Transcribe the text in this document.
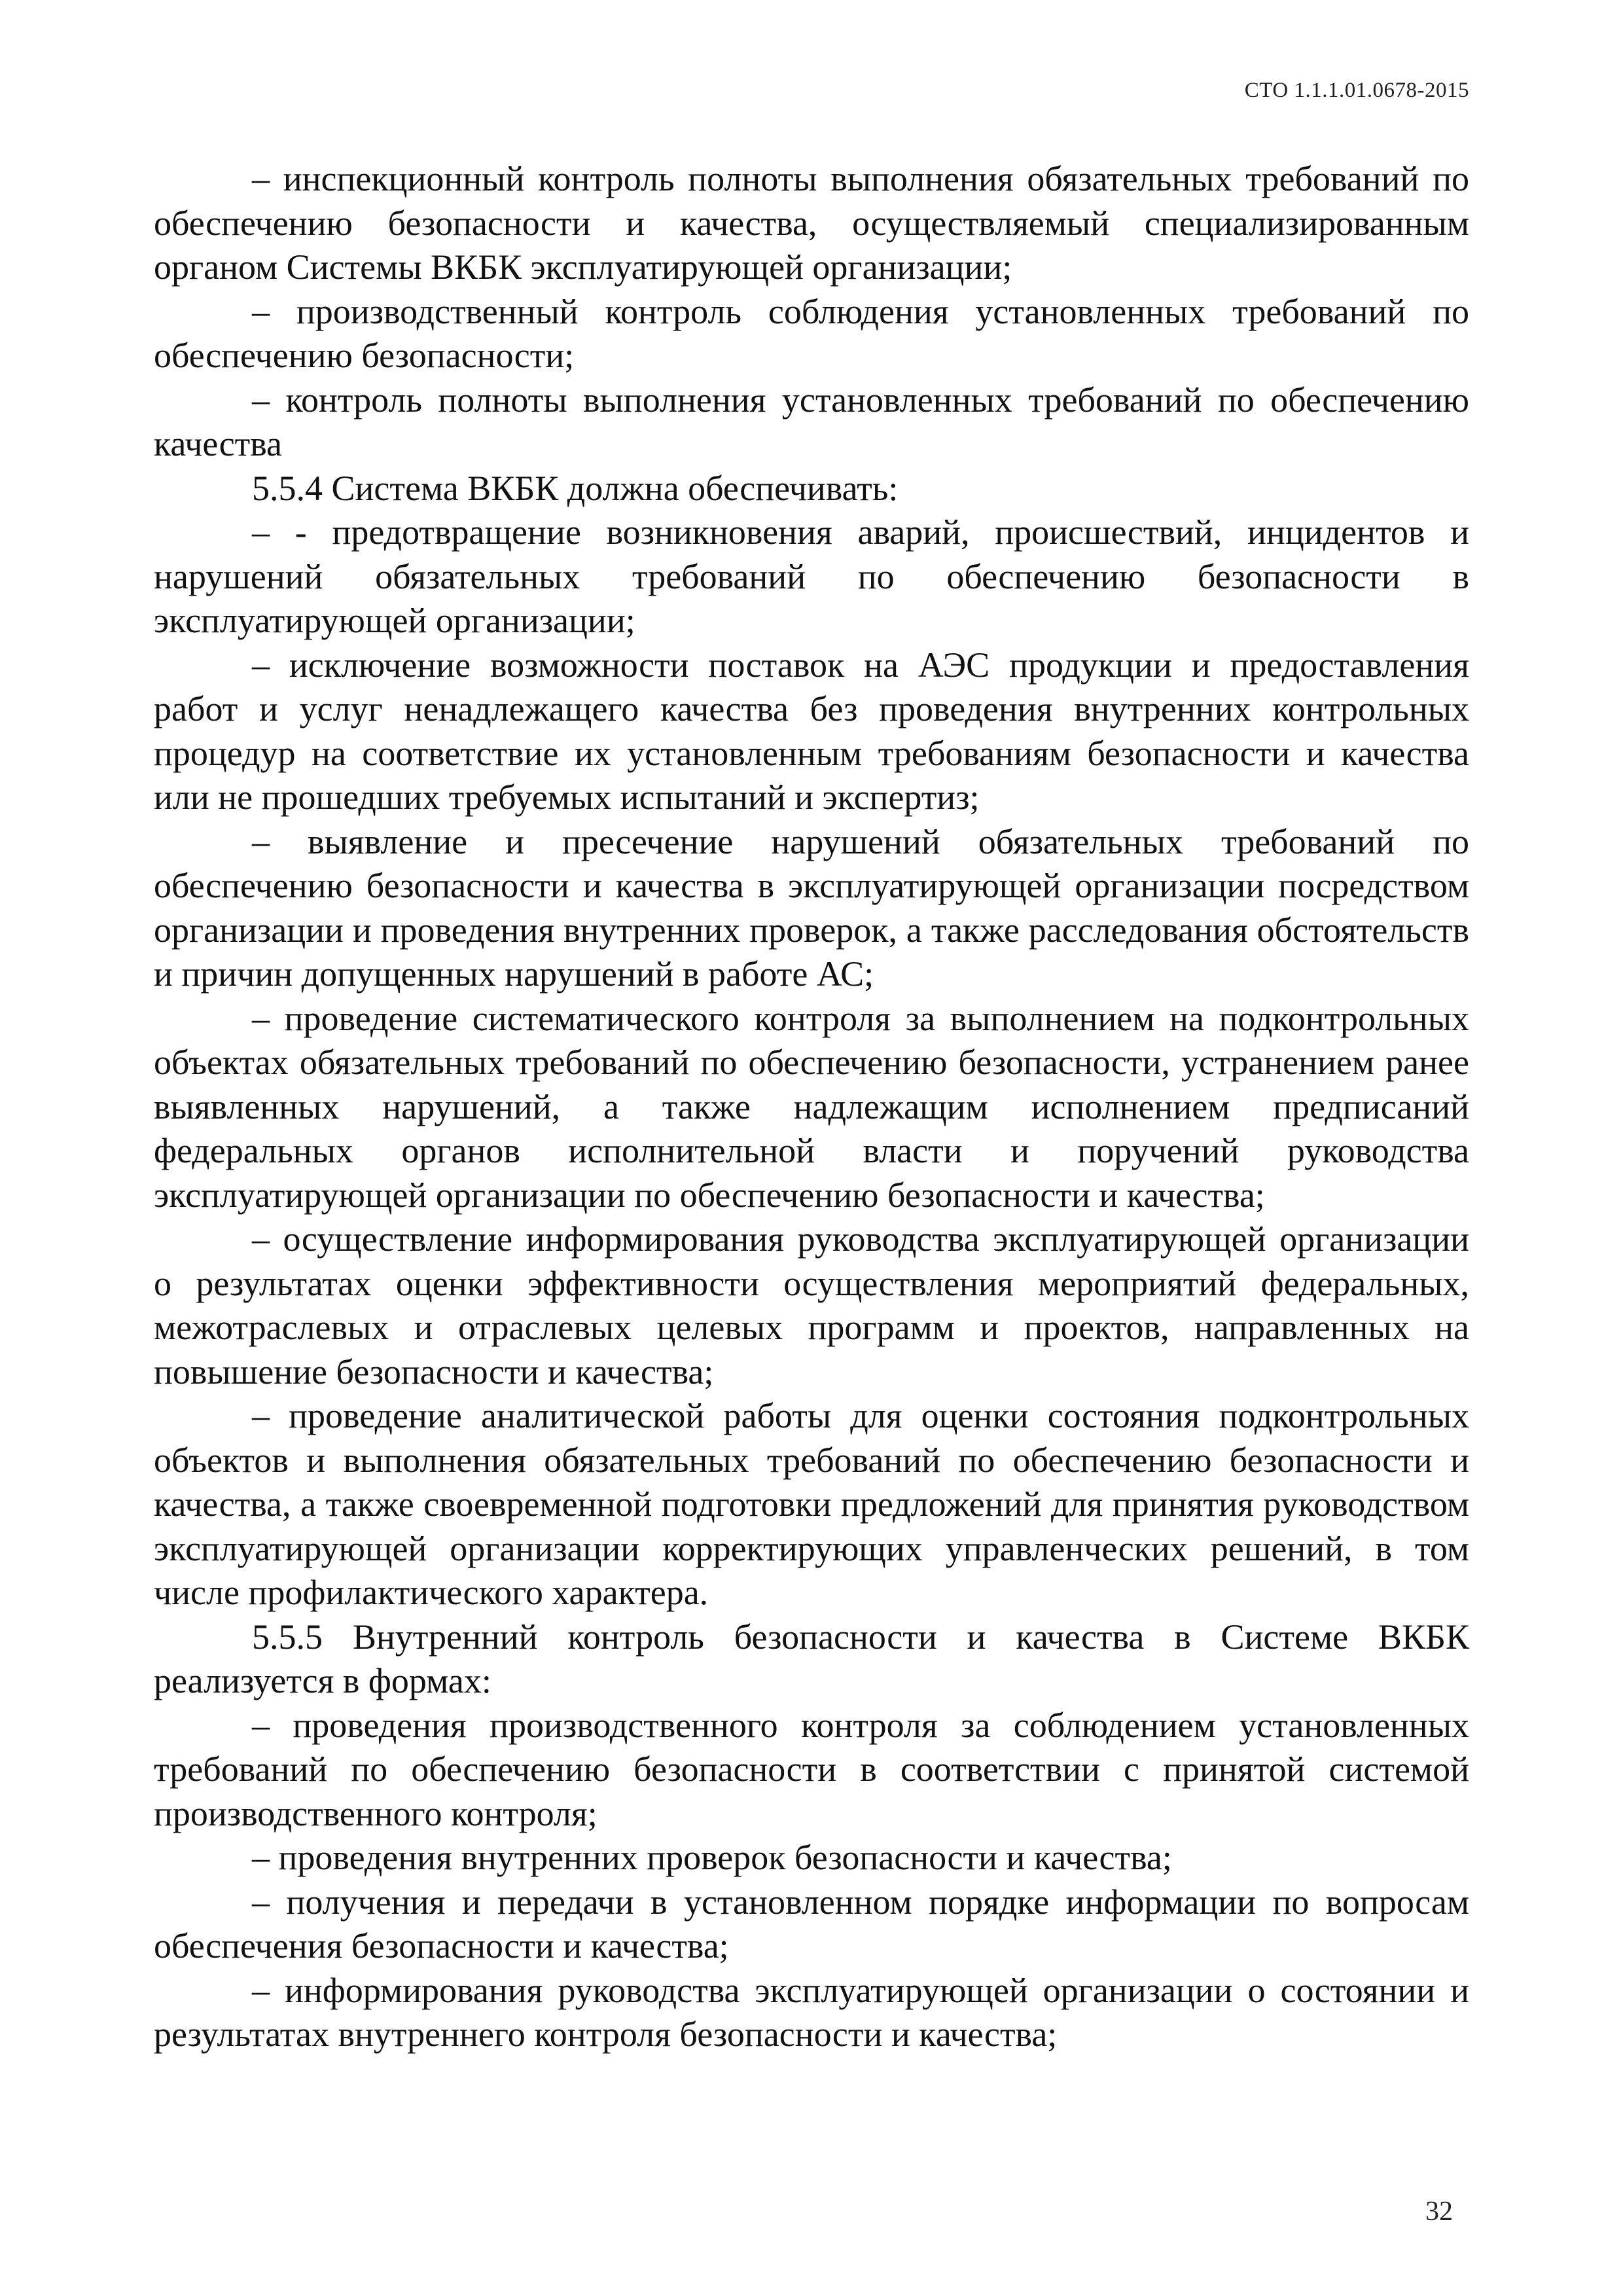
СТО 1.1.1.01.0678-2015

– инспекционный контроль полноты выполнения обязательных требований по обеспечению безопасности и качества, осуществляемый специализированным органом Системы ВКБК эксплуатирующей организации;

– производственный контроль соблюдения установленных требований по обеспечению безопасности;

– контроль полноты выполнения установленных требований по обеспечению качества

5.5.4 Система ВКБК должна обеспечивать:

– - предотвращение возникновения аварий, происшествий, инцидентов и нарушений обязательных требований по обеспечению безопасности в эксплуатирующей организации;

– исключение возможности поставок на АЭС продукции и предоставления работ и услуг ненадлежащего качества без проведения внутренних контрольных процедур на соответствие их установленным требованиям безопасности и качества или не прошедших требуемых испытаний и экспертиз;

– выявление и пресечение нарушений обязательных требований по обеспечению безопасности и качества в эксплуатирующей организации посредством организации и проведения внутренних проверок, а также расследования обстоятельств и причин допущенных нарушений в работе АС;

– проведение систематического контроля за выполнением на подконтрольных объектах обязательных требований по обеспечению безопасности, устранением ранее выявленных нарушений, а также надлежащим исполнением предписаний федеральных органов исполнительной власти и поручений руководства эксплуатирующей организации по обеспечению безопасности и качества;

– осуществление информирования руководства эксплуатирующей организации о результатах оценки эффективности осуществления мероприятий федеральных, межотраслевых и отраслевых целевых программ и проектов, направленных на повышение безопасности и качества;

– проведение аналитической работы для оценки состояния подконтрольных объектов и выполнения обязательных требований по обеспечению безопасности и качества, а также своевременной подготовки предложений для принятия руководством эксплуатирующей организации корректирующих управленческих решений, в том числе профилактического характера.

5.5.5 Внутренний контроль безопасности и качества в Системе ВКБК реализуется в формах:

– проведения производственного контроля за соблюдением установленных требований по обеспечению безопасности в соответствии с принятой системой производственного контроля;

– проведения внутренних проверок безопасности и качества;

– получения и передачи в установленном порядке информации по вопросам обеспечения безопасности и качества;

– информирования руководства эксплуатирующей организации о состоянии и результатах внутреннего контроля безопасности и качества;

32
